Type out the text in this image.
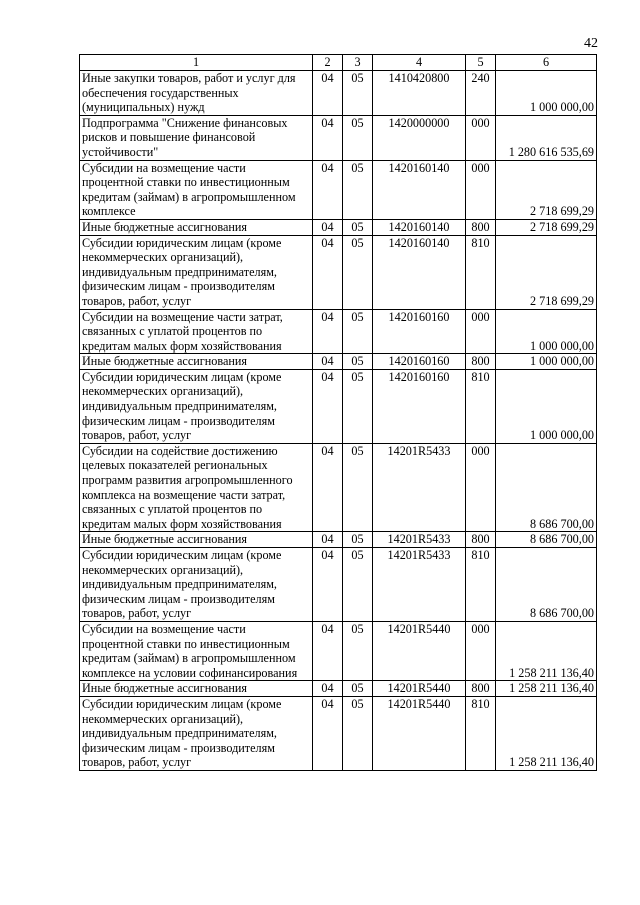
42
1	2	3	4	5	6
Иные закупки товаров, работ и услуг для обеспечения государственных (муниципальных) нужд	04	05	1410420800	240	1 000 000,00
Подпрограмма "Снижение финансовых рисков и повышение финансовой устойчивости"	04	05	1420000000	000	1 280 616 535,69
Субсидии на возмещение части процентной ставки по инвестиционным кредитам (займам) в агропромышленном комплексе	04	05	1420160140	000	2 718 699,29
Иные бюджетные ассигнования	04	05	1420160140	800	2 718 699,29
Субсидии юридическим лицам (кроме некоммерческих организаций), индивидуальным предпринимателям, физическим лицам - производителям товаров, работ, услуг	04	05	1420160140	810	2 718 699,29
Субсидии на возмещение части затрат, связанных с уплатой процентов по кредитам малых форм хозяйствования	04	05	1420160160	000	1 000 000,00
Иные бюджетные ассигнования	04	05	1420160160	800	1 000 000,00
Субсидии юридическим лицам (кроме некоммерческих организаций), индивидуальным предпринимателям, физическим лицам - производителям товаров, работ, услуг	04	05	1420160160	810	1 000 000,00
Субсидии на содействие достижению целевых показателей региональных программ развития агропромышленного комплекса на возмещение части затрат, связанных с уплатой процентов по кредитам малых форм хозяйствования	04	05	14201R5433	000	8 686 700,00
Иные бюджетные ассигнования	04	05	14201R5433	800	8 686 700,00
Субсидии юридическим лицам (кроме некоммерческих организаций), индивидуальным предпринимателям, физическим лицам - производителям товаров, работ, услуг	04	05	14201R5433	810	8 686 700,00
Субсидии на возмещение части процентной ставки по инвестиционным кредитам (займам) в агропромышленном комплексе на условии софинансирования	04	05	14201R5440	000	1 258 211 136,40
Иные бюджетные ассигнования	04	05	14201R5440	800	1 258 211 136,40
Субсидии юридическим лицам (кроме некоммерческих организаций), индивидуальным предпринимателям, физическим лицам - производителям товаров, работ, услуг	04	05	14201R5440	810	1 258 211 136,40
